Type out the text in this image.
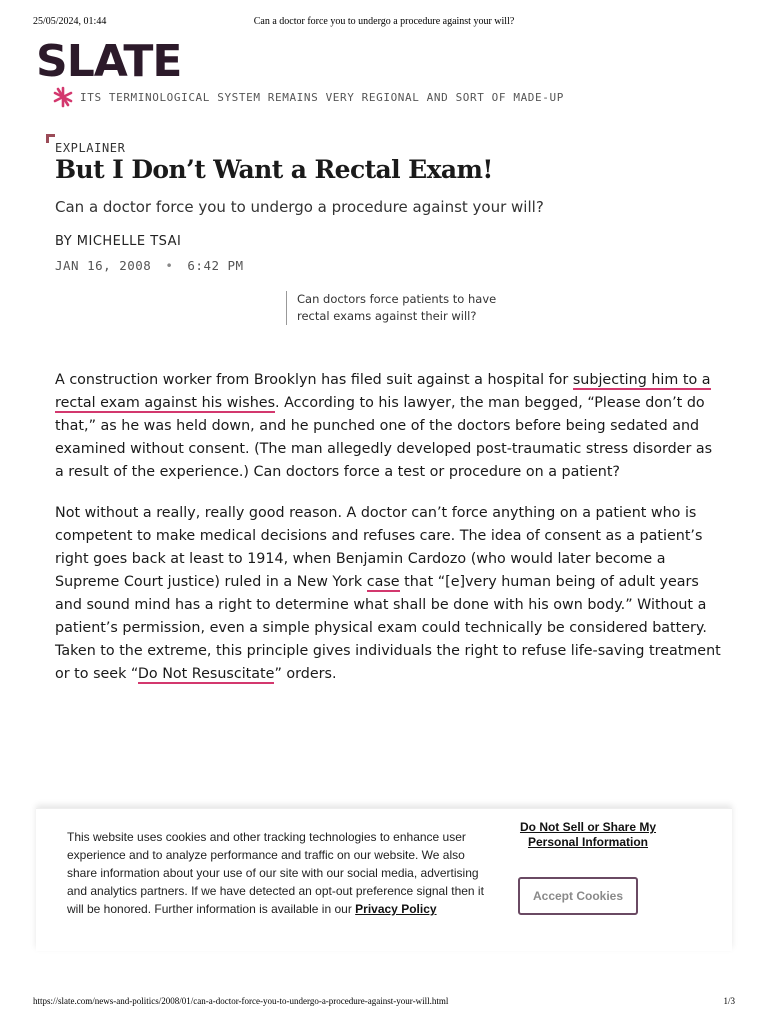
25/05/2024, 01:44	Can a doctor force you to undergo a procedure against your will?
SLATE
ITS TERMINOLOGICAL SYSTEM REMAINS VERY REGIONAL AND SORT OF MADE-UP
EXPLAINER
But I Don’t Want a Rectal Exam!
Can a doctor force you to undergo a procedure against your will?
BY MICHELLE TSAI
JAN 16, 2008 • 6:42 PM
Can doctors force patients to have rectal exams against their will?

A construction worker from Brooklyn has filed suit against a hospital for subjecting him to a rectal exam against his wishes. According to his lawyer, the man begged, “Please don’t do that,” as he was held down, and he punched one of the doctors before being sedated and examined without consent. (The man allegedly developed post-traumatic stress disorder as a result of the experience.) Can doctors force a test or procedure on a patient?

Not without a really, really good reason. A doctor can’t force anything on a patient who is competent to make medical decisions and refuses care. The idea of consent as a patient’s right goes back at least to 1914, when Benjamin Cardozo (who would later become a Supreme Court justice) ruled in a New York case that “[e]very human being of adult years and sound mind has a right to determine what shall be done with his own body.” Without a patient’s permission, even a simple physical exam could technically be considered battery. Taken to the extreme, this principle gives individuals the right to refuse life-saving treatment or to seek “Do Not Resuscitate” orders.

This website uses cookies and other tracking technologies to enhance user experience and to analyze performance and traffic on our website. We also share information about your use of our site with our social media, advertising and analytics partners. If we have detected an opt-out preference signal then it will be honored. Further information is available in our Privacy Policy
Do Not Sell or Share My Personal Information
Accept Cookies
https://slate.com/news-and-politics/2008/01/can-a-doctor-force-you-to-undergo-a-procedure-against-your-will.html	1/3
